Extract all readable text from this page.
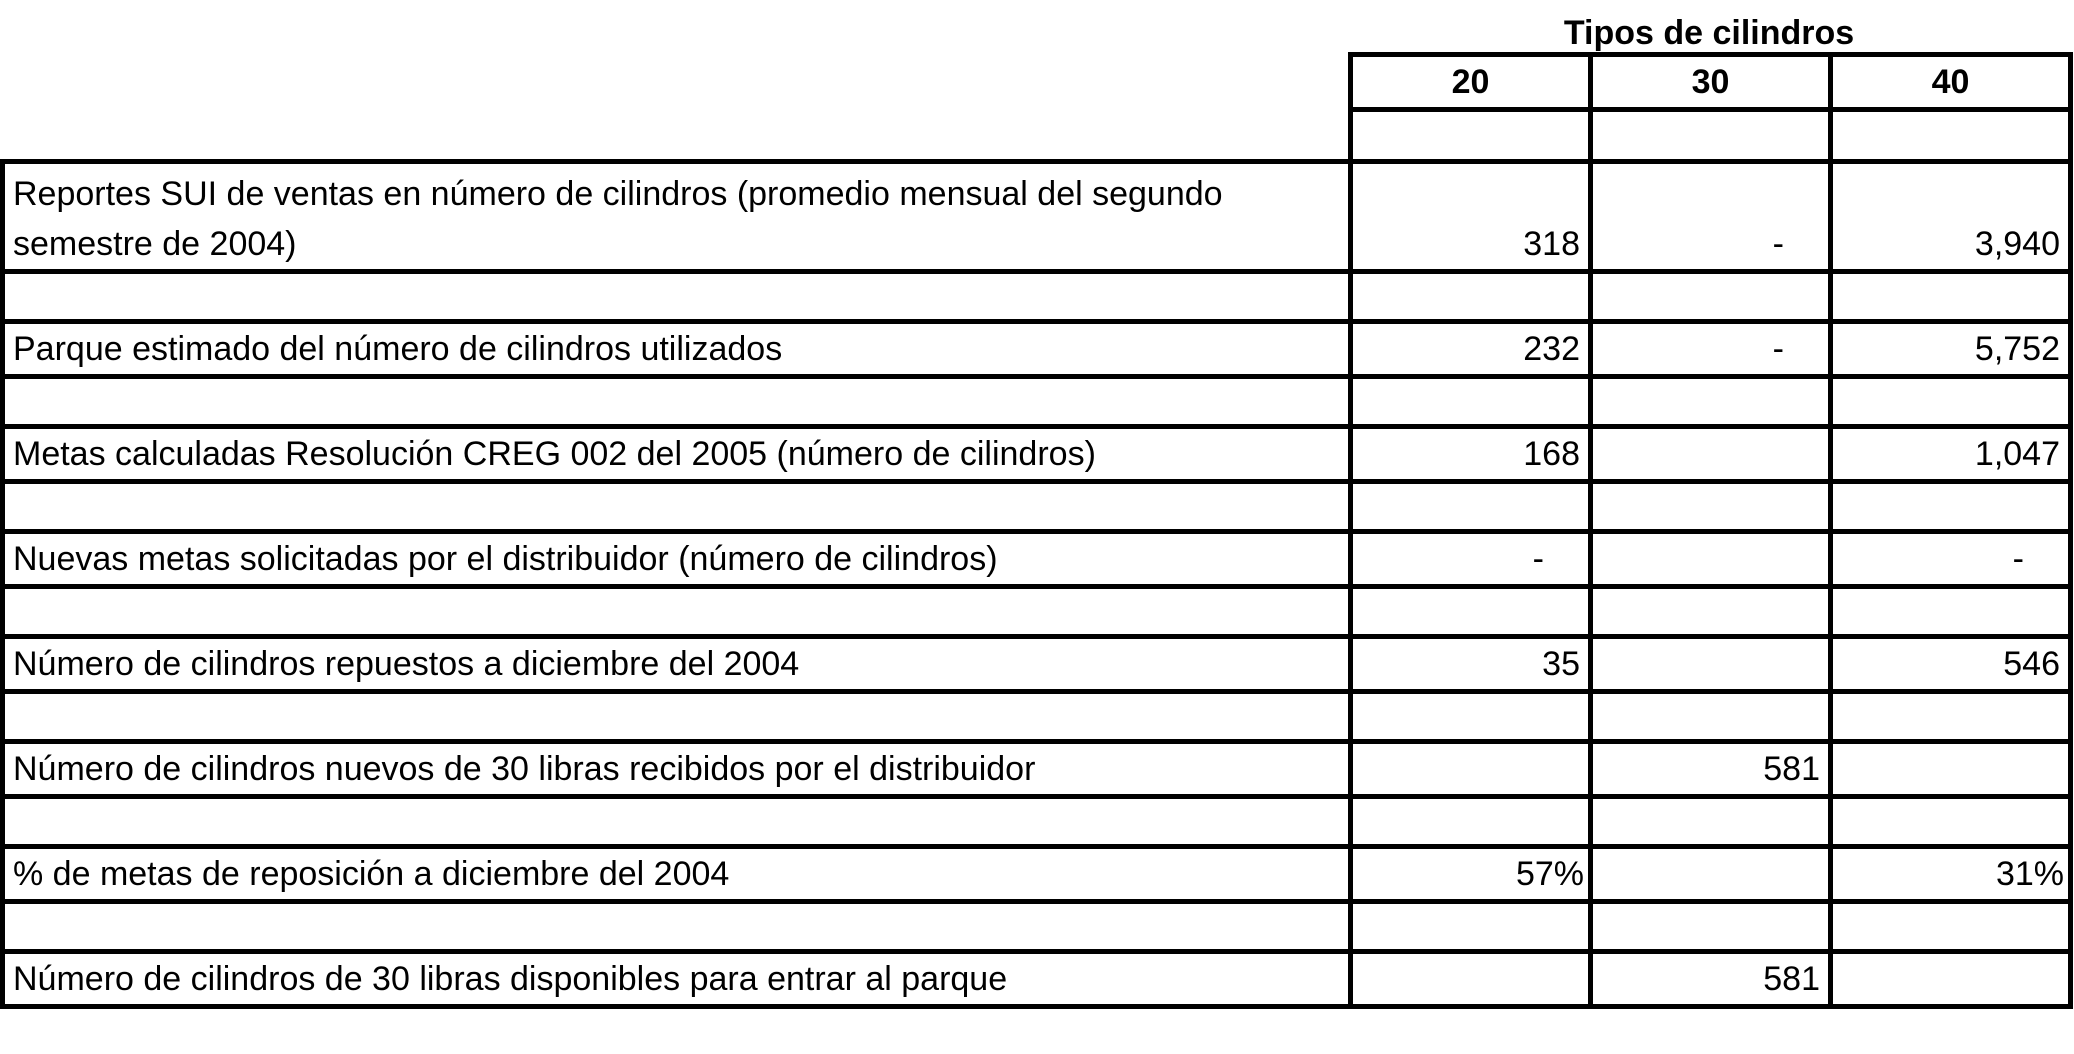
Tipos de cilindros
	20	30	40

Reportes SUI de ventas en número de cilindros (promedio mensual del segundo semestre de 2004)	318	-	3,940

Parque estimado del número de cilindros utilizados	232	-	5,752

Metas calculadas Resolución CREG 002 del 2005 (número de cilindros)	168		1,047

Nuevas metas solicitadas por el distribuidor (número de cilindros)	-		-

Número de cilindros repuestos a diciembre del 2004	35		546

Número de cilindros nuevos de 30 libras recibidos por el distribuidor		581	

% de metas de reposición a diciembre del 2004	57%		31%

Número de cilindros de 30 libras disponibles para entrar al parque		581	
